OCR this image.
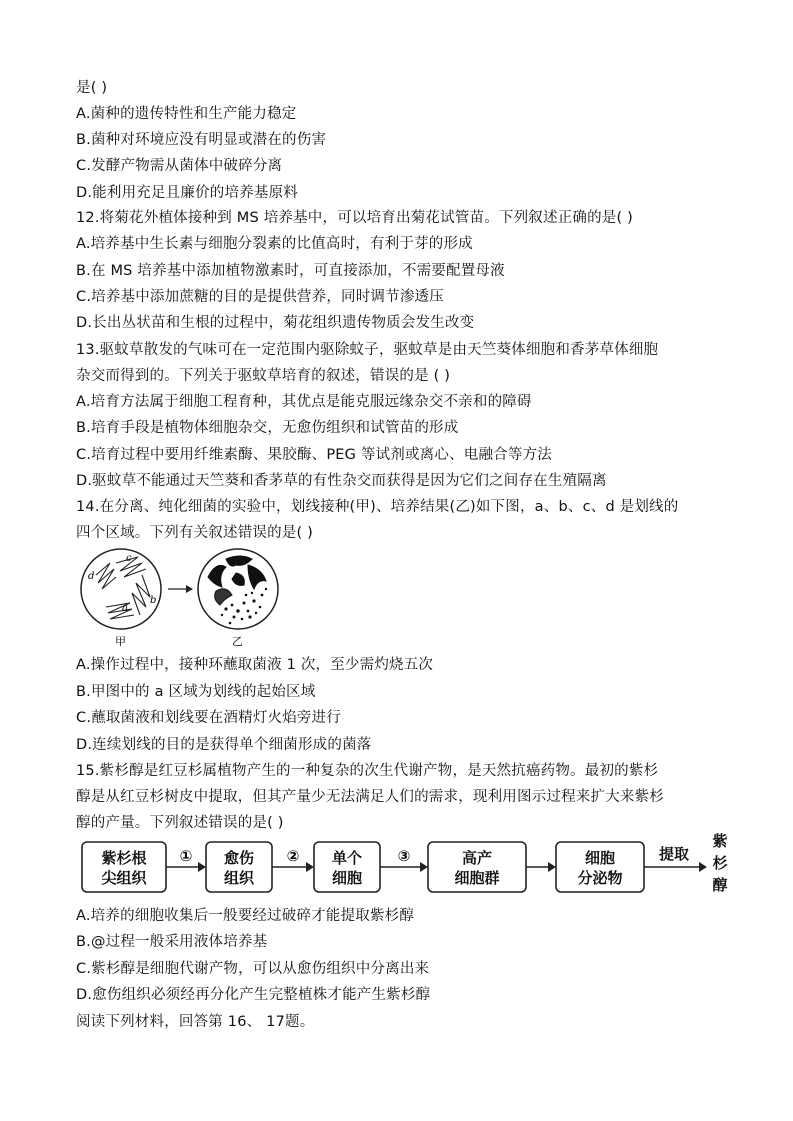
是( )
A.菌种的遗传特性和生产能力稳定
B.菌种对环境应没有明显或潜在的伤害
C.发酵产物需从菌体中破碎分离
D.能利用充足且廉价的培养基原料
12.将菊花外植体接种到 MS 培养基中，可以培育出菊花试管苗。下列叙述正确的是( )
A.培养基中生长素与细胞分裂素的比值高时，有利于芽的形成
B.在 MS 培养基中添加植物激素时，可直接添加，不需要配置母液
C.培养基中添加蔗糖的目的是提供营养，同时调节渗透压
D.长出丛状苗和生根的过程中，菊花组织遗传物质会发生改变
13.驱蚊草散发的气味可在一定范围内驱除蚊子，驱蚊草是由天竺葵体细胞和香茅草体细胞
杂交而得到的。下列关于驱蚊草培育的叙述，错误的是 ( )
A.培育方法属于细胞工程育种，其优点是能克服远缘杂交不亲和的障碍
B.培育手段是植物体细胞杂交，无愈伤组织和试管苗的形成
C.培育过程中要用纤维素酶、果胶酶、PEG 等试剂或离心、电融合等方法
D.驱蚊草不能通过天竺葵和香茅草的有性杂交而获得是因为它们之间存在生殖隔离
14.在分离、纯化细菌的实验中，划线接种(甲)、培养结果(乙)如下图，a、b、c、d 是划线的
四个区域。下列有关叙述错误的是( )
A.操作过程中，接种环蘸取菌液 1 次，至少需灼烧五次
B.甲图中的 a 区域为划线的起始区域
C.蘸取菌液和划线要在酒精灯火焰旁进行
D.连续划线的目的是获得单个细菌形成的菌落
15.紫杉醇是红豆杉属植物产生的一种复杂的次生代谢产物，是天然抗癌药物。最初的紫杉
醇是从红豆杉树皮中提取，但其产量少无法满足人们的需求，现利用图示过程来扩大来紫杉
醇的产量。下列叙述错误的是( )
A.培养的细胞收集后一般要经过破碎才能提取紫杉醇
B.@过程一般采用液体培养基
C.紫杉醇是细胞代谢产物，可以从愈伤组织中分离出来
D.愈伤组织必须经再分化产生完整植株才能产生紫杉醇
阅读下列材料，回答第 16、 17题。
d
c
b
a
甲	乙
紫杉根
尖组织
愈伤
组织
单个
细胞
高产
细胞群
细胞
分泌物
①	②	③	提取
紫
杉
醇
